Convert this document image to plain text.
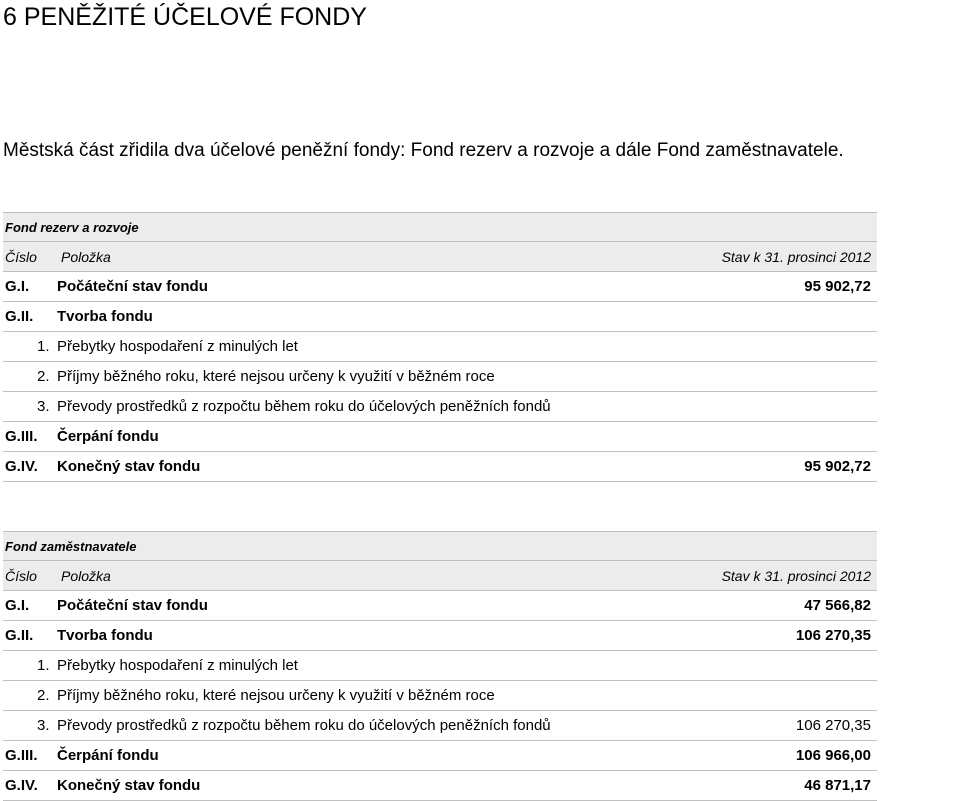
6 PENĚŽITÉ ÚČELOVÉ FONDY

Městská část zřidila dva účelové peněžní fondy: Fond rezerv a rozvoje a dále Fond zaměstnavatele.

Fond rezerv a rozvoje
Číslo Položka	Stav k 31. prosinci 2012
G.I. Počáteční stav fondu	95 902,72
G.II. Tvorba fondu
1. Přebytky hospodaření z minulých let
2. Příjmy běžného roku, které nejsou určeny k využití v běžném roce
3. Převody prostředků z rozpočtu během roku do účelových peněžních fondů
G.III. Čerpání fondu
G.IV. Konečný stav fondu	95 902,72
Fond zaměstnavatele
Číslo Položka	Stav k 31. prosinci 2012
G.I. Počáteční stav fondu	47 566,82
G.II. Tvorba fondu	106 270,35
1. Přebytky hospodaření z minulých let
2. Příjmy běžného roku, které nejsou určeny k využití v běžném roce
3. Převody prostředků z rozpočtu během roku do účelových peněžních fondů	106 270,35
G.III. Čerpání fondu	106 966,00
G.IV. Konečný stav fondu	46 871,17
